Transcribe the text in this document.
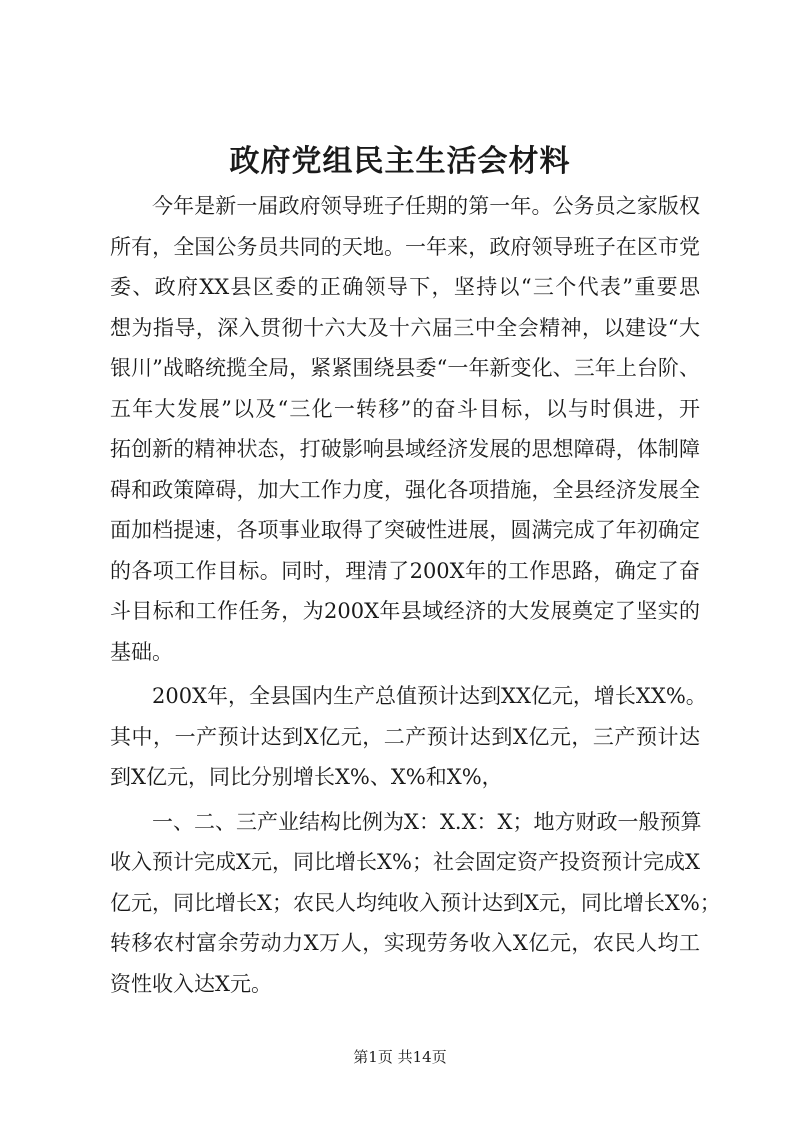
政府党组民主生活会材料
今年是新一届政府领导班子任期的第一年。公务员之家版权
所有，全国公务员共同的天地。一年来，政府领导班子在区市党
委、政府XX县区委的正确领导下，坚持以“三个代表”重要思
想为指导，深入贯彻十六大及十六届三中全会精神，以建设“大
银川”战略统揽全局，紧紧围绕县委“一年新变化、三年上台阶、
五年大发展”以及“三化一转移”的奋斗目标，以与时俱进，开
拓创新的精神状态，打破影响县域经济发展的思想障碍，体制障
碍和政策障碍，加大工作力度，强化各项措施，全县经济发展全
面加档提速，各项事业取得了突破性进展，圆满完成了年初确定
的各项工作目标。同时，理清了200X年的工作思路，确定了奋
斗目标和工作任务，为200X年县域经济的大发展奠定了坚实的
基础。
200X年，全县国内生产总值预计达到XX亿元，增长XX%。
其中，一产预计达到X亿元，二产预计达到X亿元，三产预计达
到X亿元，同比分别增长X%、X%和X%，
一、二、三产业结构比例为X：X.X：X；地方财政一般预算
收入预计完成X元，同比增长X%；社会固定资产投资预计完成X
亿元，同比增长X；农民人均纯收入预计达到X元，同比增长X%；
转移农村富余劳动力X万人，实现劳务收入X亿元，农民人均工
资性收入达X元。
第1页 共14页
